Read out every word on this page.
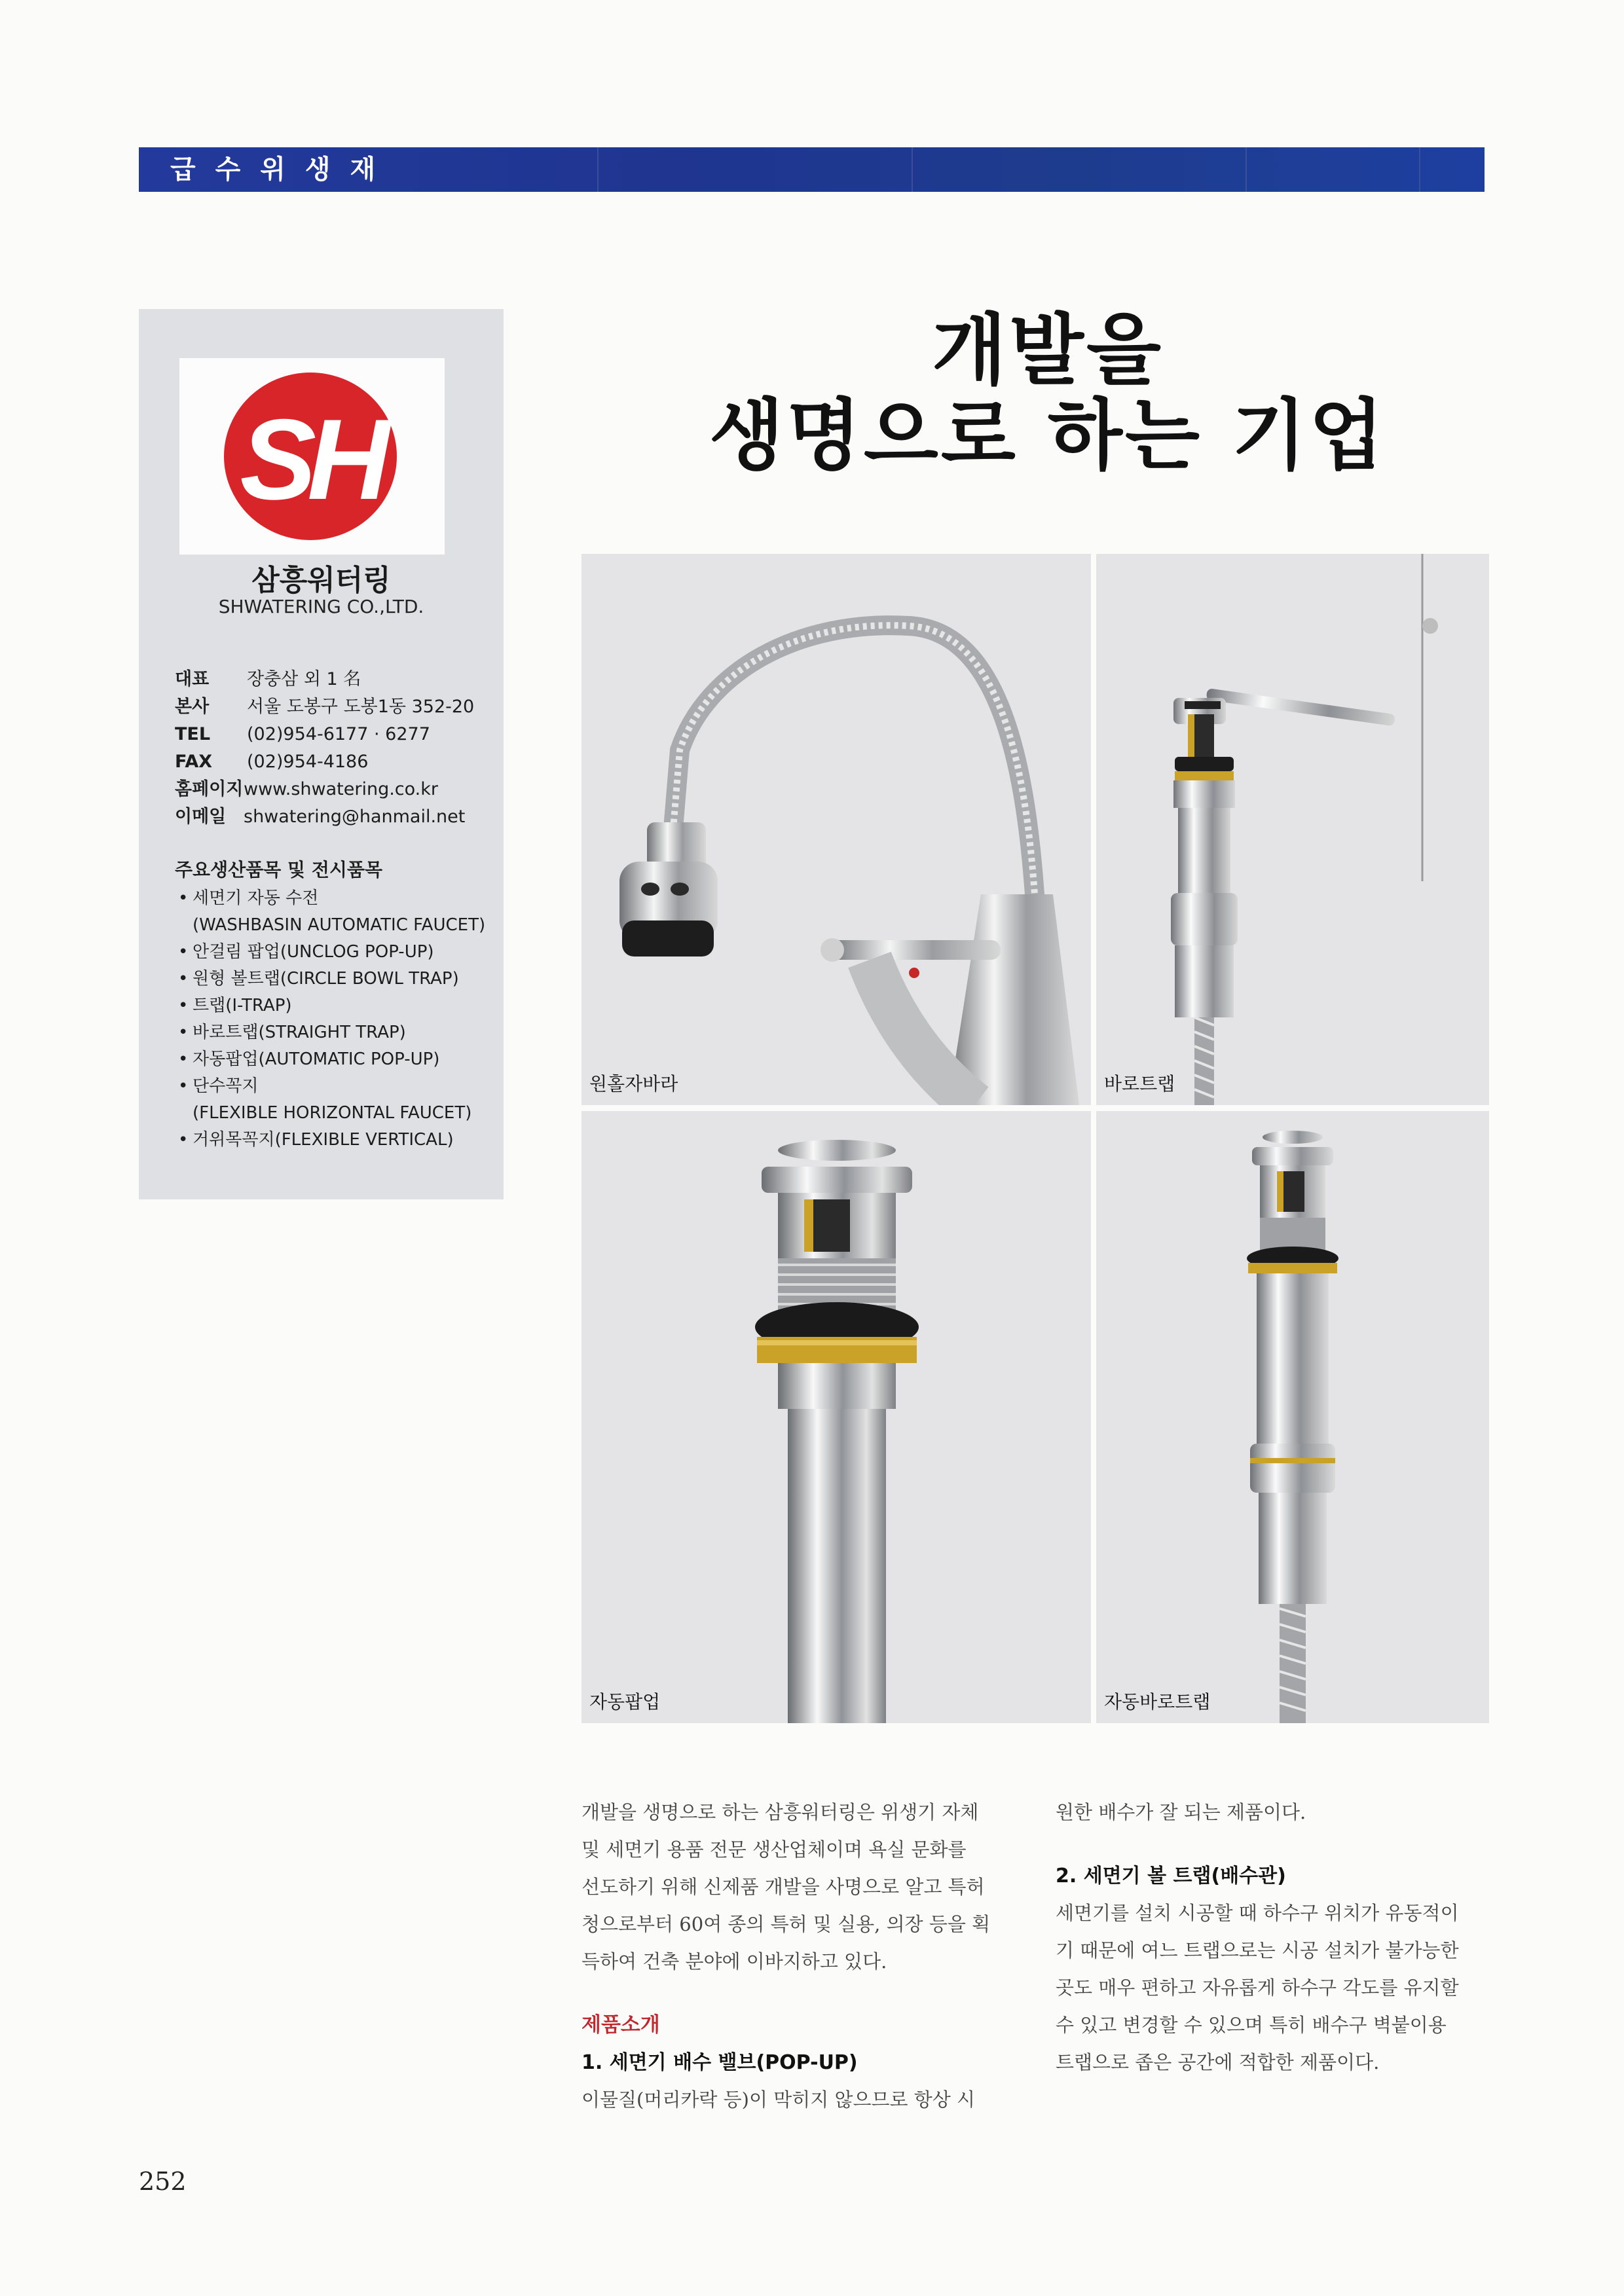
급수위생재
SH
삼흥워터링
SHWATERING CO.,LTD.
대표 장충삼 외 1 名
본사 서울 도봉구 도봉1동 352-20
TEL (02)954-6177 · 6277
FAX (02)954-4186
홈페이지www.shwatering.co.kr
이메일 shwatering@hanmail.net
주요생산품목 및 전시품목
• 세면기 자동 수전
(WASHBASIN AUTOMATIC FAUCET)
• 안걸림 팝업(UNCLOG POP-UP)
• 원형 볼트랩(CIRCLE BOWL TRAP)
• 트랩(I-TRAP)
• 바로트랩(STRAIGHT TRAP)
• 자동팝업(AUTOMATIC POP-UP)
• 단수꼭지
(FLEXIBLE HORIZONTAL FAUCET)
• 거위목꼭지(FLEXIBLE VERTICAL)
개발을
생명으로 하는 기업
원홀자바라	바로트랩
자동팝업	자동바로트랩
개발을 생명으로 하는 삼흥워터링은 위생기 자체
및 세면기 용품 전문 생산업체이며 욕실 문화를
선도하기 위해 신제품 개발을 사명으로 알고 특허
청으로부터 60여 종의 특허 및 실용, 의장 등을 획
득하여 건축 분야에 이바지하고 있다.
제품소개
1. 세면기 배수 밸브(POP-UP)
이물질(머리카락 등)이 막히지 않으므로 항상 시
원한 배수가 잘 되는 제품이다.
2. 세면기 볼 트랩(배수관)
세면기를 설치 시공할 때 하수구 위치가 유동적이
기 때문에 여느 트랩으로는 시공 설치가 불가능한
곳도 매우 편하고 자유롭게 하수구 각도를 유지할
수 있고 변경할 수 있으며 특히 배수구 벽붙이용
트랩으로 좁은 공간에 적합한 제품이다.
252
